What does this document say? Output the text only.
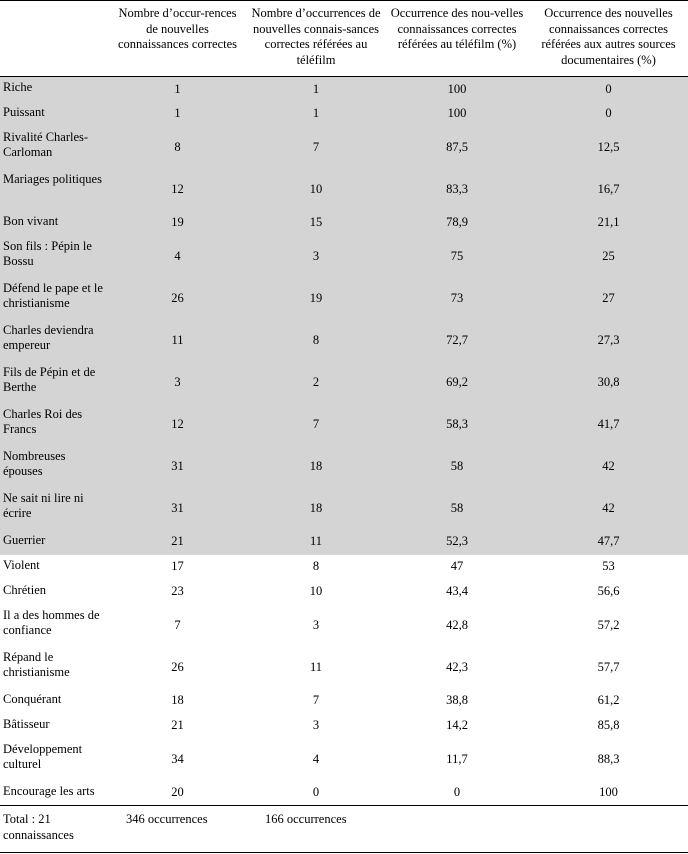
	Nombre d’occur-rences de nouvelles connaissances correctes	Nombre d’occurrences de nouvelles connais-sances correctes référées au téléfilm	Occurrence des nou-velles connaissances correctes référées au téléfilm (%)	Occurrence des nouvelles connaissances correctes référées aux autres sources documentaires (%)
Riche	1	1	100	0
Puissant	1	1	100	0
Rivalité Charles-Carloman	8	7	87,5	12,5
Mariages politiques	12	10	83,3	16,7
Bon vivant	19	15	78,9	21,1
Son fils : Pépin le Bossu	4	3	75	25
Défend le pape et le christianisme	26	19	73	27
Charles deviendra empereur	11	8	72,7	27,3
Fils de Pépin et de Berthe	3	2	69,2	30,8
Charles Roi des Francs	12	7	58,3	41,7
Nombreuses épouses	31	18	58	42
Ne sait ni lire ni écrire	31	18	58	42
Guerrier	21	11	52,3	47,7
Violent	17	8	47	53
Chrétien	23	10	43,4	56,6
Il a des hommes de confiance	7	3	42,8	57,2
Répand le christianisme	26	11	42,3	57,7
Conquérant	18	7	38,8	61,2
Bâtisseur	21	3	14,2	85,8
Développement culturel	34	4	11,7	88,3
Encourage les arts	20	0	0	100
Total : 21 connaissances	346 occurrences	166 occurrences		
